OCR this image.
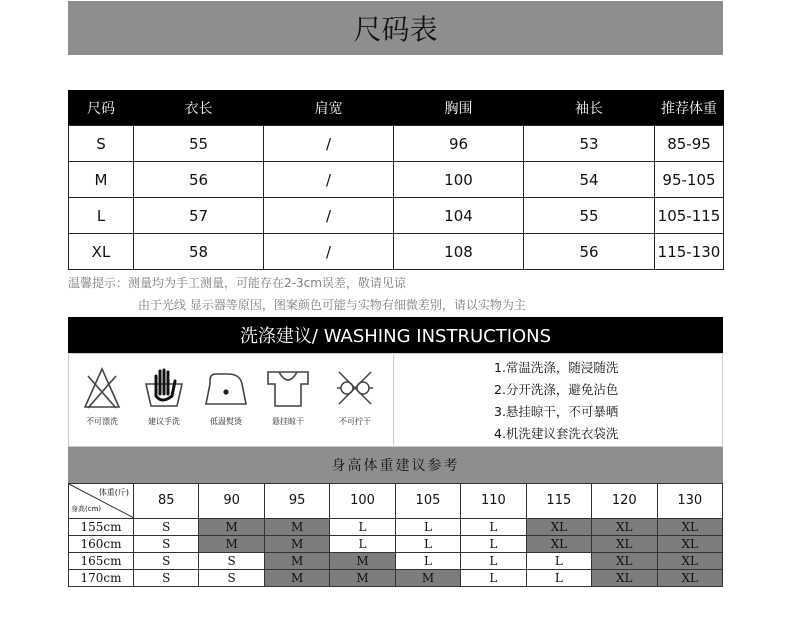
尺码表
尺码	衣长	肩宽	胸围	袖长	推荐体重
S	55	/	96	53	85-95
M	56	/	100	54	95-105
L	57	/	104	55	105-115
XL	58	/	108	56	115-130
温馨提示：测量均为手工测量，可能存在2-3cm误差，敬请见谅
由于光线 显示器等原因，图案颜色可能与实物有细微差别，请以实物为主
洗涤建议/ WASHING INSTRUCTIONS
不可漂洗	建议手洗	低温熨烫	悬挂晾干	不可拧干
1.常温洗涤，随浸随洗
2.分开洗涤，避免沾色
3.悬挂晾干，不可暴晒
4.机洗建议套洗衣袋洗
身高体重建议参考
体重(斤)
身高(cm)	85	90	95	100	105	110	115	120	130
155cm	S	M	M	L	L	L	XL	XL	XL
160cm	S	M	M	L	L	L	XL	XL	XL
165cm	S	S	M	M	L	L	L	XL	XL
170cm	S	S	M	M	M	L	L	XL	XL
